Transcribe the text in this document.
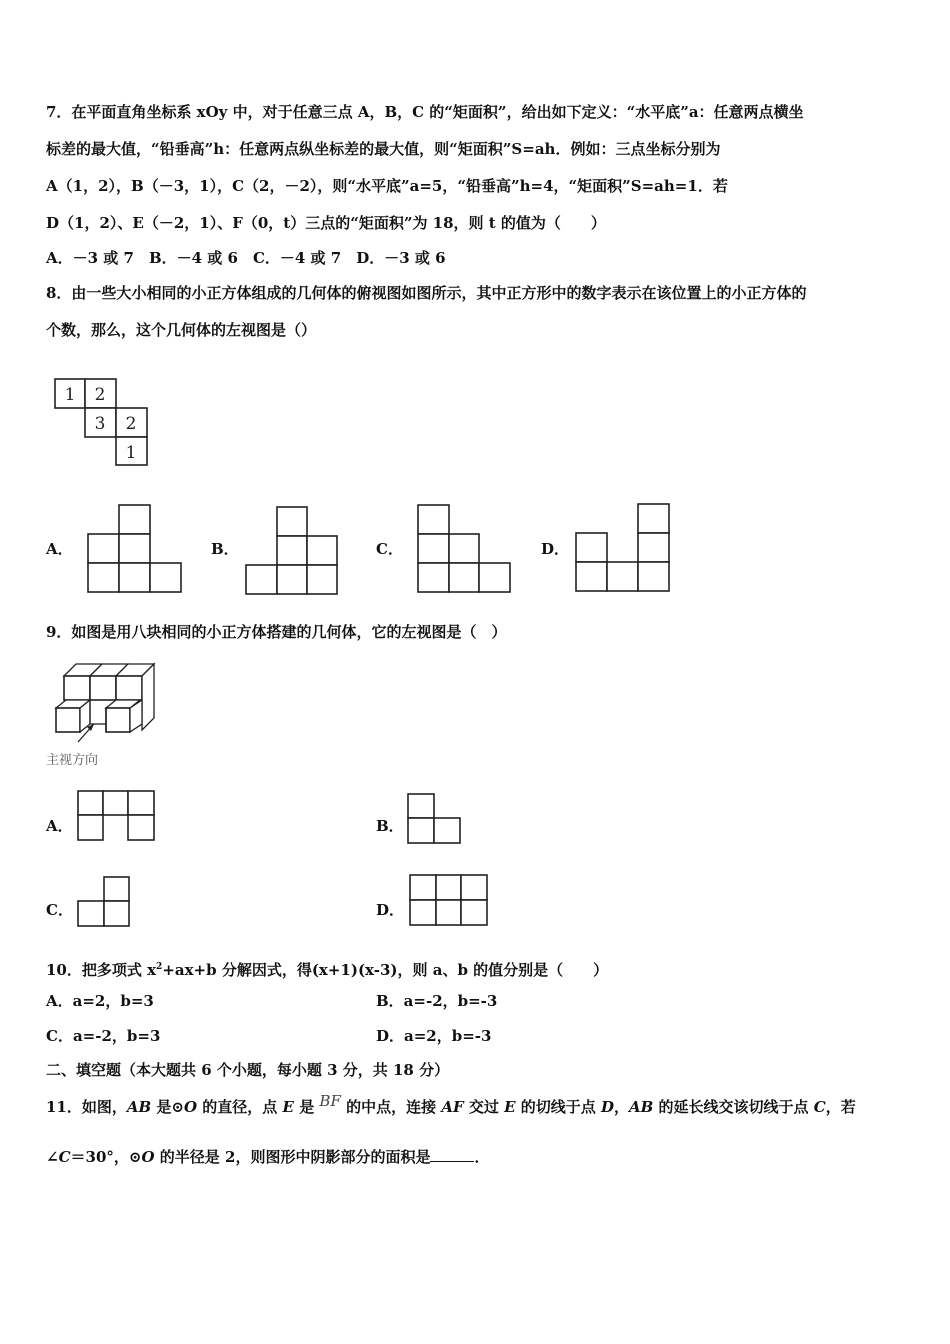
7．在平面直角坐标系 xOy 中，对于任意三点 A，B，C 的“矩面积”，给出如下定义：“水平底”a：任意两点横坐
标差的最大值，“铅垂高”h：任意两点纵坐标差的最大值，则“矩面积”S=ah．例如：三点坐标分别为
A（1，2），B（－3，1），C（2，－2），则“水平底”a=5，“铅垂高”h=4，“矩面积”S=ah=1．若
D（1，2）、E（－2，1）、F（0，t）三点的“矩面积”为 18，则 t 的值为（　　）
A．－3 或 7　B．－4 或 6　C．－4 或 7　D．－3 或 6
8．由一些大小相同的小正方体组成的几何体的俯视图如图所示，其中正方形中的数字表示在该位置上的小正方体的
个数，那么，这个几何体的左视图是（）
1 2
3 2
1
A．	B．	C．	D．
9．如图是用八块相同的小正方体搭建的几何体，它的左视图是（　）
主视方向
A．	B．
C．	D．
10．把多项式 $x^2+ax+b$ 分解因式，得(x+1)(x-3)，则 a、b 的值分别是（　　）
A．a=2，b=3	B．a=-2，b=-3
C．a=-2，b=3	D．a=2，b=-3
二、填空题（本大题共 6 个小题，每小题 3 分，共 18 分）
11．如图，AB 是⊙O 的直径，点 E 是 BF 的中点，连接 AF 交过 E 的切线于点 D，AB 的延长线交该切线于点 C，若
∠C＝30°，⊙O 的半径是 2，则图形中阴影部分的面积是	．
